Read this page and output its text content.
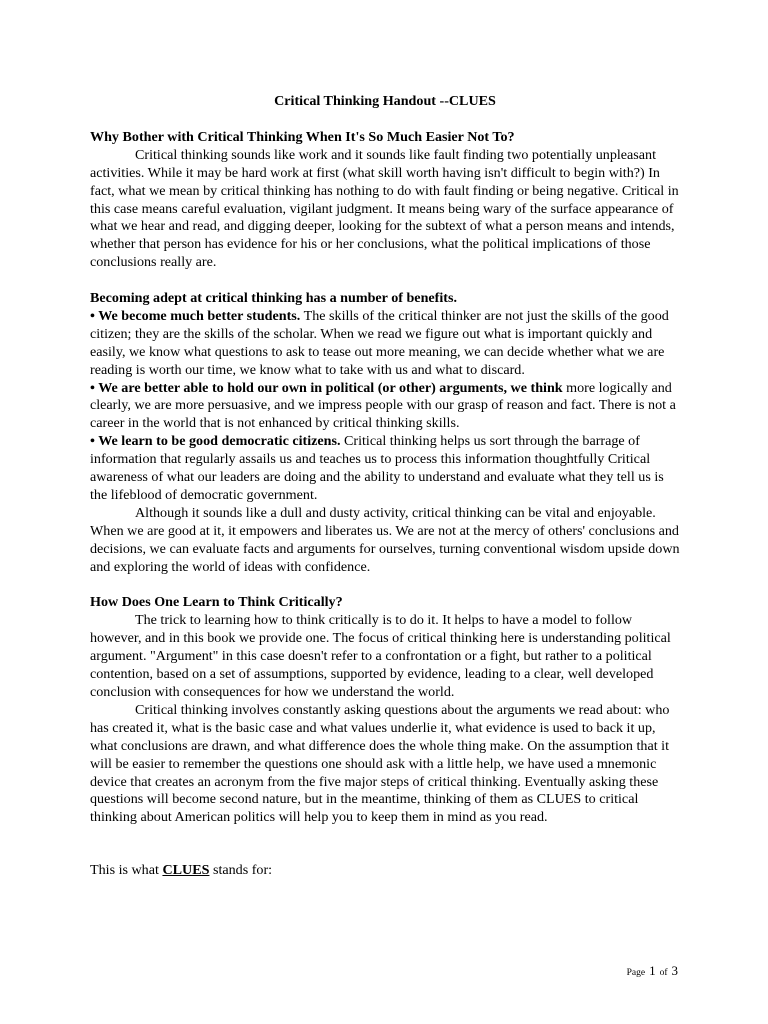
Critical Thinking Handout --CLUES

Why Bother with Critical Thinking When It's So Much Easier Not To?

Critical thinking sounds like work and it sounds like fault finding two potentially unpleasant activities. While it may be hard work at first (what skill worth having isn't difficult to begin with?) In fact, what we mean by critical thinking has nothing to do with fault finding or being negative. Critical in this case means careful evaluation, vigilant judgment. It means being wary of the surface appearance of what we hear and read, and digging deeper, looking for the subtext of what a person means and intends, whether that person has evidence for his or her conclusions, what the political implications of those conclusions really are.

Becoming adept at critical thinking has a number of benefits.

• We become much better students. The skills of the critical thinker are not just the skills of the good citizen; they are the skills of the scholar. When we read we figure out what is important quickly and easily, we know what questions to ask to tease out more meaning, we can decide whether what we are reading is worth our time, we know what to take with us and what to discard.

• We are better able to hold our own in political (or other) arguments, we think more logically and clearly, we are more persuasive, and we impress people with our grasp of reason and fact. There is not a career in the world that is not enhanced by critical thinking skills.

• We learn to be good democratic citizens. Critical thinking helps us sort through the barrage of information that regularly assails us and teaches us to process this information thoughtfully Critical awareness of what our leaders are doing and the ability to understand and evaluate what they tell us is the lifeblood of democratic government.

Although it sounds like a dull and dusty activity, critical thinking can be vital and enjoyable. When we are good at it, it empowers and liberates us. We are not at the mercy of others' conclusions and decisions, we can evaluate facts and arguments for ourselves, turning conventional wisdom upside down and exploring the world of ideas with confidence.

How Does One Learn to Think Critically?

The trick to learning how to think critically is to do it. It helps to have a model to follow however, and in this book we provide one. The focus of critical thinking here is understanding political argument. "Argument" in this case doesn't refer to a confrontation or a fight, but rather to a political contention, based on a set of assumptions, supported by evidence, leading to a clear, well developed conclusion with consequences for how we understand the world.

Critical thinking involves constantly asking questions about the arguments we read about: who has created it, what is the basic case and what values underlie it, what evidence is used to back it up, what conclusions are drawn, and what difference does the whole thing make. On the assumption that it will be easier to remember the questions one should ask with a little help, we have used a mnemonic device that creates an acronym from the five major steps of critical thinking. Eventually asking these questions will become second nature, but in the meantime, thinking of them as CLUES to critical thinking about American politics will help you to keep them in mind as you read.

This is what CLUES stands for:

Page 1 of 3
